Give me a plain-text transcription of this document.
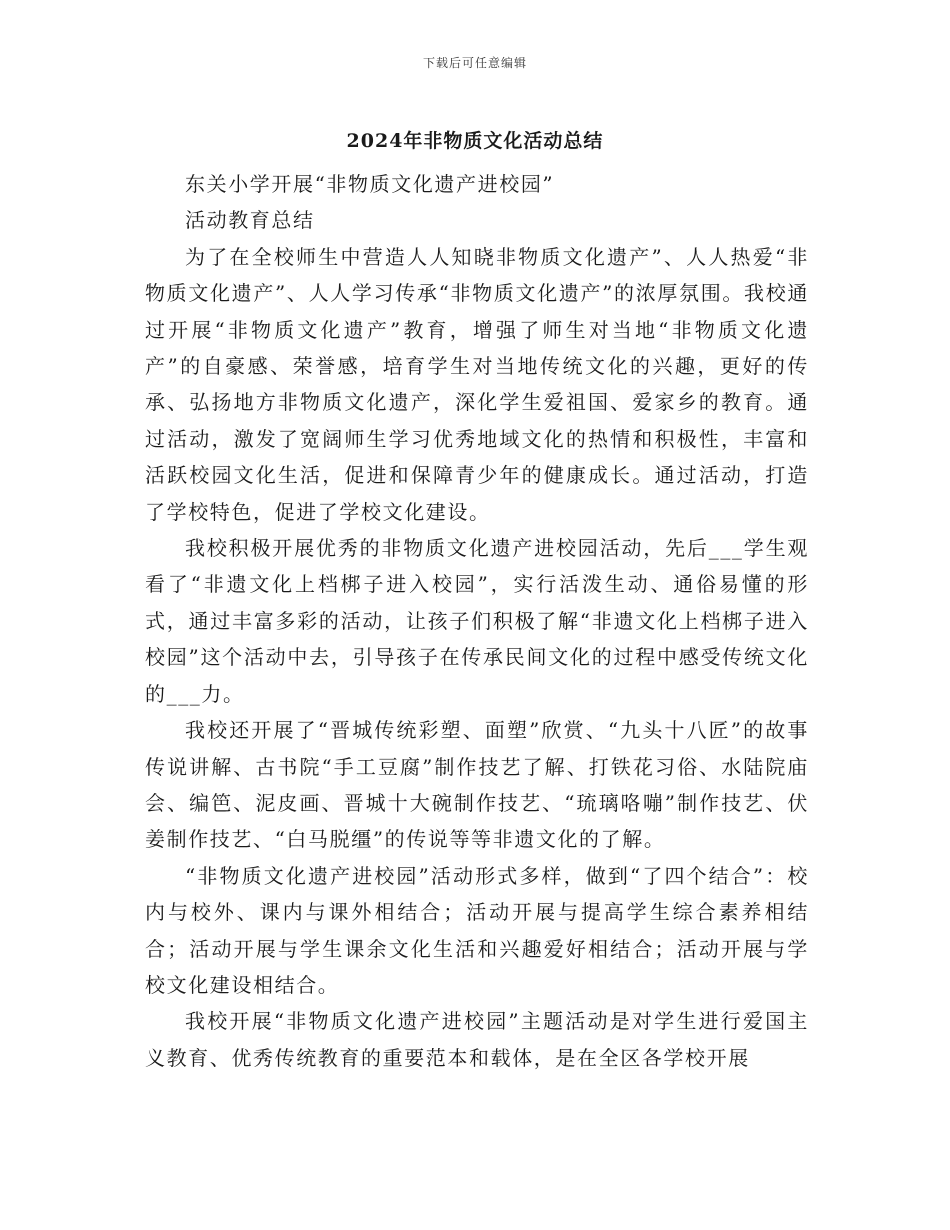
下载后可任意编辑
2024年非物质文化活动总结

东关小学开展“非物质文化遗产进校园”

活动教育总结

为了在全校师生中营造人人知晓非物质文化遗产”、人人热爱“非物质文化遗产”、人人学习传承“非物质文化遗产”的浓厚氛围。我校通过开展“非物质文化遗产”教育，增强了师生对当地“非物质文化遗产”的自豪感、荣誉感，培育学生对当地传统文化的兴趣，更好的传承、弘扬地方非物质文化遗产，深化学生爱祖国、爱家乡的教育。通过活动，激发了宽阔师生学习优秀地域文化的热情和积极性，丰富和活跃校园文化生活，促进和保障青少年的健康成长。通过活动，打造了学校特色，促进了学校文化建设。

我校积极开展优秀的非物质文化遗产进校园活动，先后___学生观看了“非遗文化上档梆子进入校园”，实行活泼生动、通俗易懂的形式，通过丰富多彩的活动，让孩子们积极了解“非遗文化上档梆子进入校园”这个活动中去，引导孩子在传承民间文化的过程中感受传统文化的___力。

我校还开展了“晋城传统彩塑、面塑”欣赏、“九头十八匠”的故事传说讲解、古书院“手工豆腐”制作技艺了解、打铁花习俗、水陆院庙会、编笆、泥皮画、晋城十大碗制作技艺、“琉璃咯嘣”制作技艺、伏姜制作技艺、“白马脱缰”的传说等等非遗文化的了解。

“非物质文化遗产进校园”活动形式多样，做到“了四个结合”：校内与校外、课内与课外相结合；活动开展与提高学生综合素养相结合；活动开展与学生课余文化生活和兴趣爱好相结合；活动开展与学校文化建设相结合。

我校开展“非物质文化遗产进校园”主题活动是对学生进行爱国主义教育、优秀传统教育的重要范本和载体，是在全区各学校开展
